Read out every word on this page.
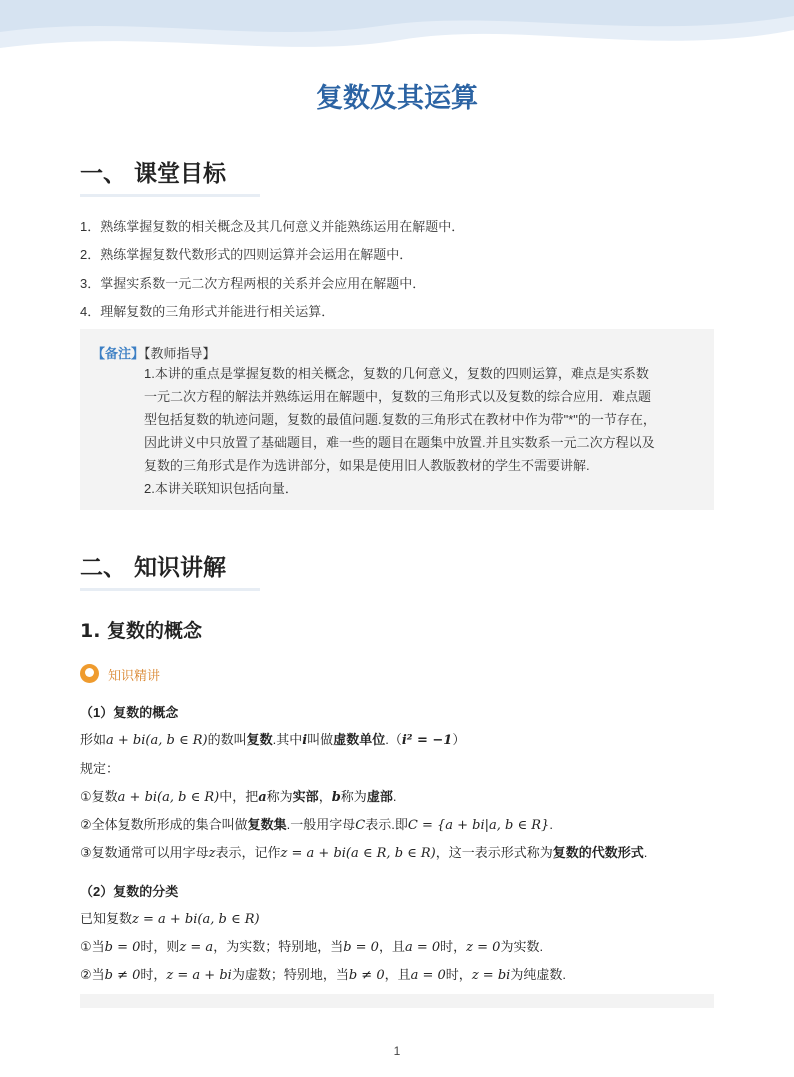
复数及其运算
一、 课堂目标
1．熟练掌握复数的相关概念及其几何意义并能熟练运用在解题中．
2．熟练掌握复数代数形式的四则运算并会运用在解题中．
3．掌握实系数一元二次方程两根的关系并会应用在解题中．
4．理解复数的三角形式并能进行相关运算．
【备注】【教师指导】

1.本讲的重点是掌握复数的相关概念，复数的几何意义，复数的四则运算，难点是实系数

一元二次方程的解法并熟练运用在解题中，复数的三角形式以及复数的综合应用．难点题

型包括复数的轨迹问题，复数的最值问题.复数的三角形式在教材中作为带"*"的一节存在，

因此讲义中只放置了基础题目，难一些的题目在题集中放置.并且实数系一元二次方程以及

复数的三角形式是作为选讲部分，如果是使用旧人教版教材的学生不需要讲解.

2.本讲关联知识包括向量．

二、 知识讲解
1. 复数的概念
知识精讲
（1）复数的概念
形如a + bi(a, b ∈ R)的数叫复数.其中i叫做虚数单位.（i² = −1）
规定：
①复数a + bi(a, b ∈ R)中，把a称为实部，b称为虚部.
②全体复数所形成的集合叫做复数集.一般用字母C表示.即C = {a + bi|a, b ∈ R}.
③复数通常可以用字母z表示，记作z = a + bi(a ∈ R, b ∈ R)，这一表示形式称为复数的代数形式.
（2）复数的分类
已知复数z = a + bi(a, b ∈ R)
①当b = 0时，则z = a，为实数；特别地，当b = 0，且a = 0时，z = 0为实数.
②当b ≠ 0时，z = a + bi为虚数；特别地，当b ≠ 0，且a = 0时，z = bi为纯虚数.
1
